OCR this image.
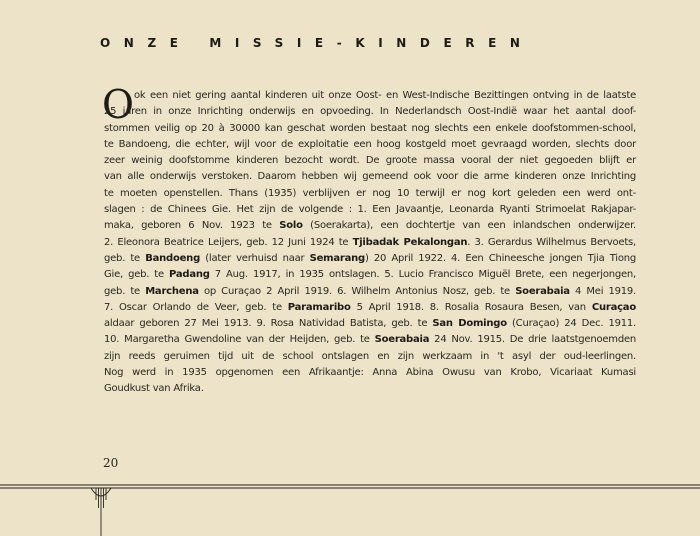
ONZE MISSIE-KINDEREN
O ok een niet gering aantal kinderen uit onze Oost- en West-Indische Bezittingen ontving in de laatste
25 jaren in onze Inrichting onderwijs en opvoeding. In Nederlandsch Oost-Indië waar het aantal doof-
stommen veilig op 20 à 30000 kan geschat worden bestaat nog slechts een enkele doofstommen-school,
te Bandoeng, die echter, wijl voor de exploitatie een hoog kostgeld moet gevraagd worden, slechts door
zeer weinig doofstomme kinderen bezocht wordt. De groote massa vooral der niet gegoeden blijft er
van alle onderwijs verstoken. Daarom hebben wij gemeend ook voor die arme kinderen onze Inrichting
te moeten openstellen. Thans (1935) verblijven er nog 10 terwijl er nog kort geleden een werd ont-
slagen : de Chinees Gie. Het zijn de volgende : 1. Een Javaantje, Leonarda Ryanti Strimoelat Rakjapar-
maka, geboren 6 Nov. 1923 te Solo (Soerakarta), een dochtertje van een inlandschen onderwijzer.
2. Eleonora Beatrice Leijers, geb. 12 Juni 1924 te Tjibadak Pekalongan. 3. Gerardus Wilhelmus Bervoets,
geb. te Bandoeng (later verhuisd naar Semarang) 20 April 1922. 4. Een Chineesche jongen Tjia Tiong
Gie, geb. te Padang 7 Aug. 1917, in 1935 ontslagen. 5. Lucio Francisco Miguël Brete, een negerjongen,
geb. te Marchena op Curaçao 2 April 1919. 6. Wilhelm Antonius Nosz, geb. te Soerabaia 4 Mei 1919.
7. Oscar Orlando de Veer, geb. te Paramaribo 5 April 1918. 8. Rosalia Rosaura Besen, van Curaçao
aldaar geboren 27 Mei 1913. 9. Rosa Natividad Batista, geb. te San Domingo (Curaçao) 24 Dec. 1911.
10. Margaretha Gwendoline van der Heijden, geb. te Soerabaia 24 Nov. 1915. De drie laatstgenoemden
zijn reeds geruimen tijd uit de school ontslagen en zijn werkzaam in 't asyl der oud-leerlingen.
Nog werd in 1935 opgenomen een Afrikaantje: Anna Abina Owusu van Krobo, Vicariaat Kumasi
Goudkust van Afrika.
20
